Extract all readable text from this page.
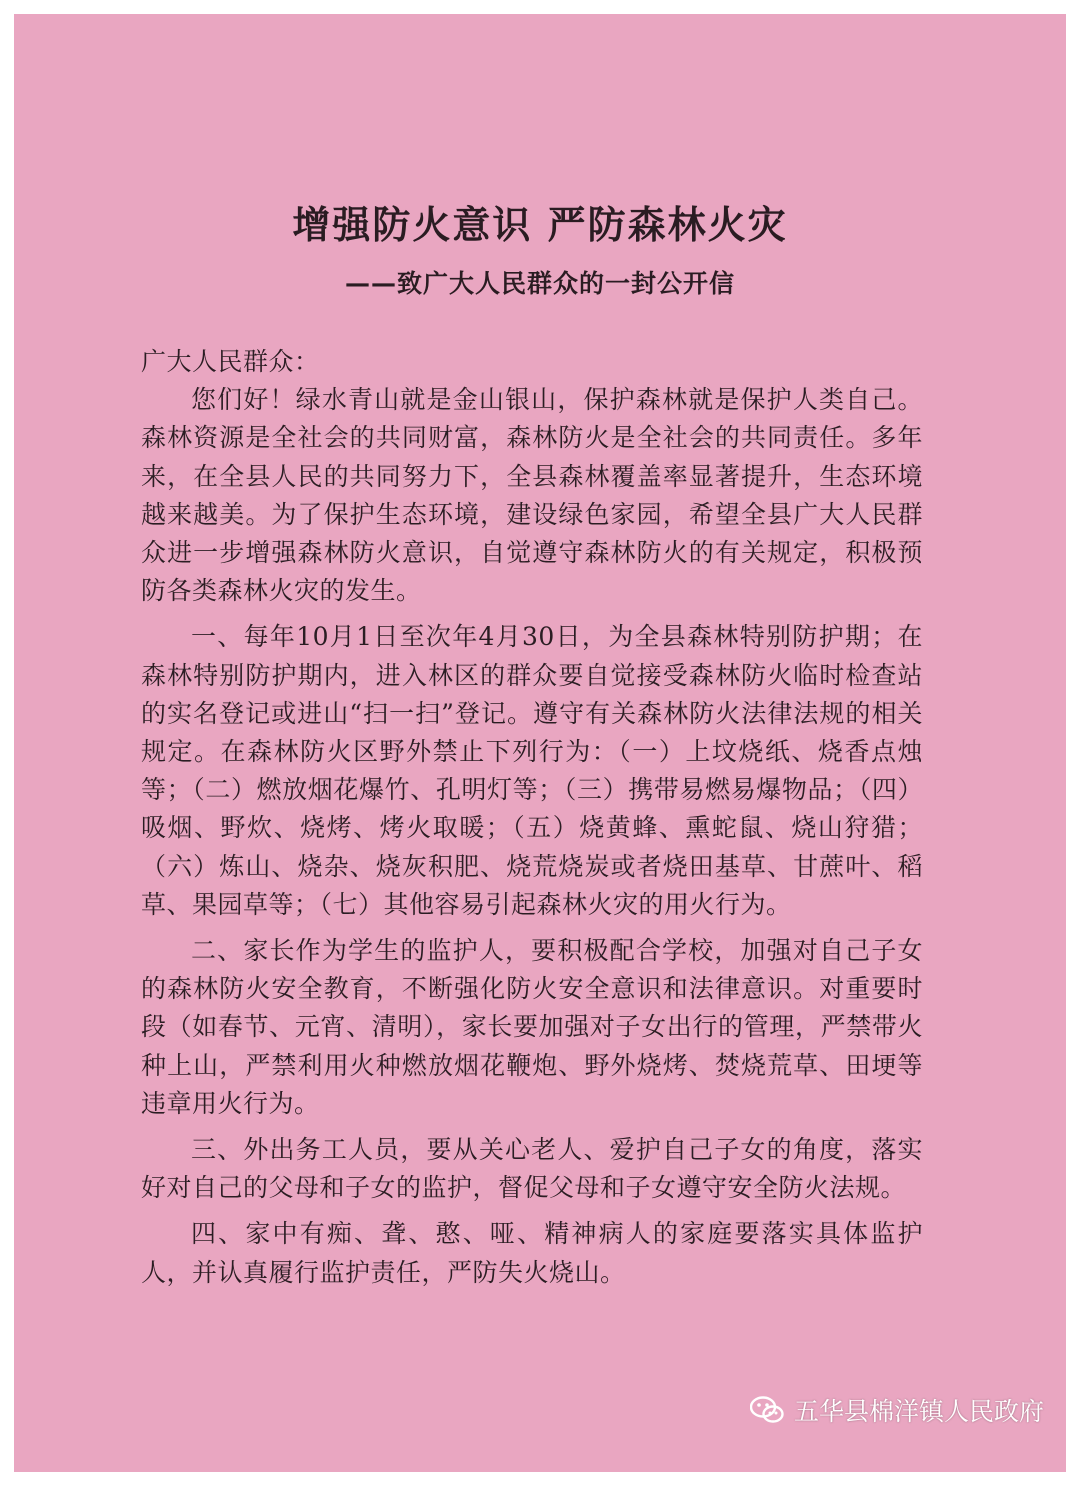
增强防火意识 严防森林火灾
——致广大人民群众的一封公开信

广大人民群众：

您们好！绿水青山就是金山银山，保护森林就是保护人类自己。森林资源是全社会的共同财富，森林防火是全社会的共同责任。多年来，在全县人民的共同努力下，全县森林覆盖率显著提升，生态环境越来越美。为了保护生态环境，建设绿色家园，希望全县广大人民群众进一步增强森林防火意识，自觉遵守森林防火的有关规定，积极预防各类森林火灾的发生。

一、每年10月1日至次年4月30日，为全县森林特别防护期；在森林特别防护期内，进入林区的群众要自觉接受森林防火临时检查站的实名登记或进山“扫一扫”登记。遵守有关森林防火法律法规的相关规定。在森林防火区野外禁止下列行为：（一）上坟烧纸、烧香点烛等；（二）燃放烟花爆竹、孔明灯等；（三）携带易燃易爆物品；（四）吸烟、野炊、烧烤、烤火取暖；（五）烧黄蜂、熏蛇鼠、烧山狩猎；（六）炼山、烧杂、烧灰积肥、烧荒烧炭或者烧田基草、甘蔗叶、稻草、果园草等；（七）其他容易引起森林火灾的用火行为。

二、家长作为学生的监护人，要积极配合学校，加强对自己子女的森林防火安全教育，不断强化防火安全意识和法律意识。对重要时段（如春节、元宵、清明），家长要加强对子女出行的管理，严禁带火种上山，严禁利用火种燃放烟花鞭炮、野外烧烤、焚烧荒草、田埂等违章用火行为。

三、外出务工人员，要从关心老人、爱护自己子女的角度，落实好对自己的父母和子女的监护，督促父母和子女遵守安全防火法规。

四、家中有痴、聋、憨、哑、精神病人的家庭要落实具体监护人，并认真履行监护责任，严防失火烧山。

五华县棉洋镇人民政府
